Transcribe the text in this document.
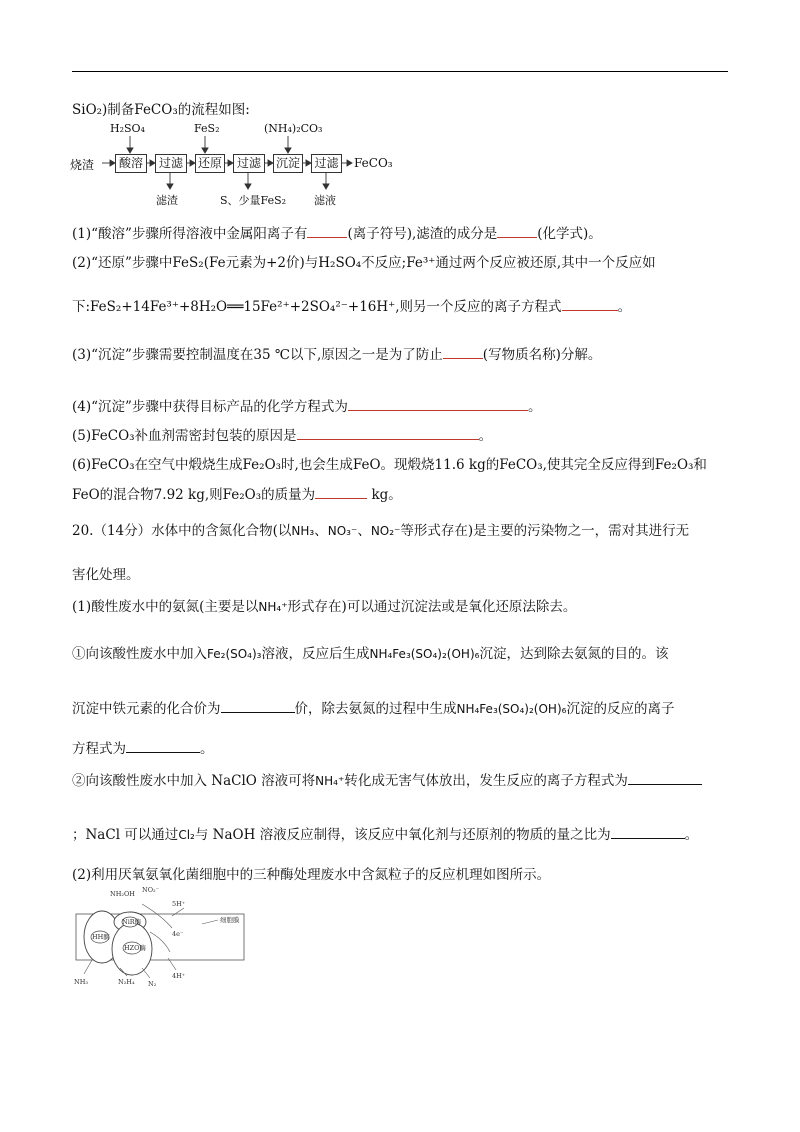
SiO₂)制备FeCO₃的流程如图:
H₂SO₄	FeS₂	(NH₄)₂CO₃
烧渣	酸溶	过滤	还原	过滤	沉淀 过滤 FeCO₃
滤渣	S、少量FeS₂	滤液
(1)“酸溶”步骤所得溶液中金属阳离子有	(离子符号),滤渣的成分是	(化学式)。
(2)“还原”步骤中FeS₂(Fe元素为+2价)与H₂SO₄不反应;Fe³⁺通过两个反应被还原,其中一个反应如
下:FeS₂+14Fe³⁺+8H₂O══15Fe²⁺+2SO₄²⁻+16H⁺,则另一个反应的离子方程式	。
(3)“沉淀”步骤需要控制温度在35 ℃以下,原因之一是为了防止	(写物质名称)分解。
(4)“沉淀”步骤中获得目标产品的化学方程式为	。
(5)FeCO₃补血剂需密封包装的原因是	。
(6)FeCO₃在空气中煅烧生成Fe₂O₃时,也会生成FeO。现煅烧11.6 kg的FeCO₃,使其完全反应得到Fe₂O₃和
FeO的混合物7.92 kg,则Fe₂O₃的质量为	kg。
20.（14分）水体中的含氮化合物(以NH₃、NO₃⁻、NO₂⁻等形式存在)是主要的污染物之一，需对其进行无
害化处理。
(1)酸性废水中的氨氮(主要是以NH₄⁺形式存在)可以通过沉淀法或是氧化还原法除去。
①向该酸性废水中加入Fe₂(SO₄)₃溶液，反应后生成NH₄Fe₃(SO₄)₂(OH)₆沉淀，达到除去氨氮的目的。该
沉淀中铁元素的化合价为	价，除去氨氮的过程中生成NH₄Fe₃(SO₄)₂(OH)₆沉淀的反应的离子
方程式为	。
②向该酸性废水中加入 NaClO 溶液可将NH₄⁺转化成无害气体放出，发生反应的离子方程式为
；NaCl 可以通过Cl₂与 NaOH 溶液反应制得，该反应中氧化剂与还原剂的物质的量之比为	。
(2)利用厌氧氨氧化菌细胞中的三种酶处理废水中含氮粒子的反应机理如图所示。
NH₂OH NO₂⁻
5H⁺
NiR酶
HH酶
HZO酶
4e⁻
细胞膜
NH₃	N₂H₄ N₂
4H⁺
